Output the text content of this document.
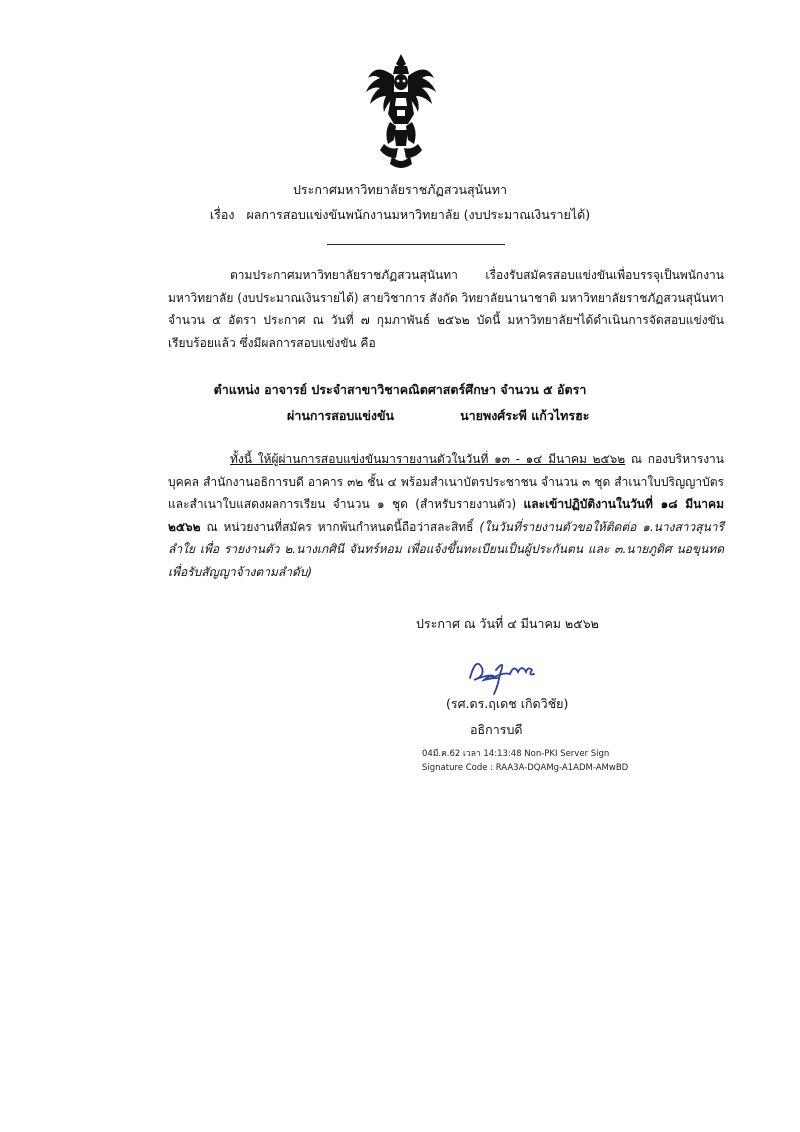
ประกาศมหาวิทยาลัยราชภัฏสวนสุนันทา
เรื่อง ผลการสอบแข่งขันพนักงานมหาวิทยาลัย (งบประมาณเงินรายได้)
ตามประกาศมหาวิทยาลัยราชภัฏสวนสุนันทา เรื่องรับสมัครสอบแข่งขันเพื่อบรรจุเป็นพนักงานมหาวิทยาลัย (งบประมาณเงินรายได้) สายวิชาการ สังกัด วิทยาลัยนานาชาติ มหาวิทยาลัยราชภัฏสวนสุนันทา จำนวน ๕ อัตรา ประกาศ ณ วันที่ ๗ กุมภาพันธ์ ๒๕๖๒ บัดนี้ มหาวิทยาลัยฯได้ดำเนินการจัดสอบแข่งขันเรียบร้อยแล้ว ซึ่งมีผลการสอบแข่งขัน คือ
ตำแหน่ง อาจารย์ ประจำสาขาวิชาคณิตศาสตร์ศึกษา จำนวน ๕ อัตรา
ผ่านการสอบแข่งขัน	นายพงศ์ระพี แก้วไทรฮะ
ทั้งนี้ ให้ผู้ผ่านการสอบแข่งขันมารายงานตัวในวันที่ ๑๓ - ๑๔ มีนาคม ๒๕๖๒ ณ กองบริหารงานบุคคล สำนักงานอธิการบดี อาคาร ๓๒ ชั้น ๔ พร้อมสำเนาบัตรประชาชน จำนวน ๓ ชุด สำเนาใบปริญญาบัตรและสำเนาใบแสดงผลการเรียน จำนวน ๑ ชุด (สำหรับรายงานตัว) และเข้าปฏิบัติงานในวันที่ ๑๘ มีนาคม ๒๕๖๒ ณ หน่วยงานที่สมัคร หากพ้นกำหนดนี้ถือว่าสละสิทธิ์ (ในวันที่รายงานตัวขอให้ติดต่อ ๑.นางสาวสุนารี ลำใย เพื่อ รายงานตัว ๒.นางเกศินี จันทร์หอม เพื่อแจ้งขึ้นทะเบียนเป็นผู้ประกันตน และ ๓.นายภูดิศ นอขุนทด เพื่อรับสัญญาจ้างตามลำดับ)
ประกาศ ณ วันที่ ๔ มีนาคม ๒๕๖๒
(รศ.ดร.ฤเดช เกิดวิชัย)
อธิการบดี
04มี.ค.62 เวลา 14:13:48 Non-PKI Server Sign
Signature Code : RAA3A-DQAMg-A1ADM-AMwBD
